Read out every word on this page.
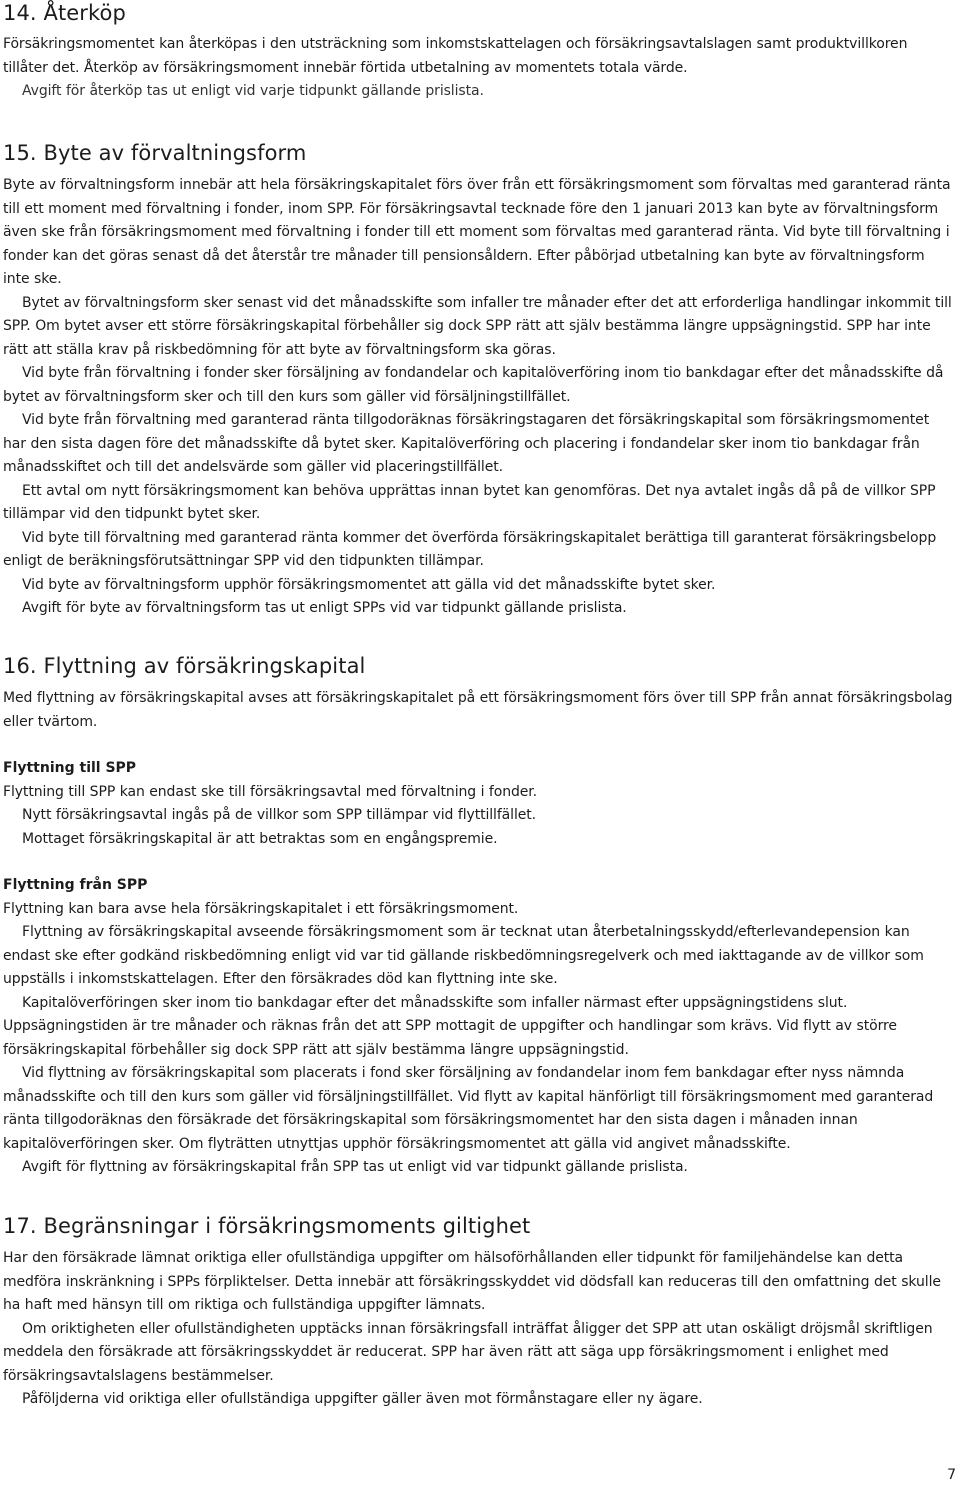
14. Återköp

Försäkringsmomentet kan återköpas i den utsträckning som inkomstskattelagen och försäkringsavtalslagen samt produktvillkoren tillåter det. Återköp av försäkringsmoment innebär förtida utbetalning av momentets totala värde.

Avgift för återköp tas ut enligt vid varje tidpunkt gällande prislista.

15. Byte av förvaltningsform

Byte av förvaltningsform innebär att hela försäkringskapitalet förs över från ett försäkringsmoment som förvaltas med garanterad ränta till ett moment med förvaltning i fonder, inom SPP. För försäkringsavtal tecknade före den 1 januari 2013 kan byte av förvaltningsform även ske från försäkringsmoment med förvaltning i fonder till ett moment som förvaltas med garanterad ränta. Vid byte till förvaltning i fonder kan det göras senast då det återstår tre månader till pensionsåldern. Efter påbörjad utbetalning kan byte av förvaltningsform inte ske.

Bytet av förvaltningsform sker senast vid det månadsskifte som infaller tre månader efter det att erforderliga handlingar inkommit till SPP. Om bytet avser ett större försäkringskapital förbehåller sig dock SPP rätt att själv bestämma längre uppsägningstid. SPP har inte rätt att ställa krav på riskbedömning för att byte av förvaltningsform ska göras.

Vid byte från förvaltning i fonder sker försäljning av fondandelar och kapitalöverföring inom tio bankdagar efter det månadsskifte då bytet av förvaltningsform sker och till den kurs som gäller vid försäljningstillfället.

Vid byte från förvaltning med garanterad ränta tillgodoräknas försäkringstagaren det försäkringskapital som försäkringsmomentet har den sista dagen före det månadsskifte då bytet sker. Kapitalöverföring och placering i fondandelar sker inom tio bankdagar från månadsskiftet och till det andelsvärde som gäller vid placeringstillfället.

Ett avtal om nytt försäkringsmoment kan behöva upprättas innan bytet kan genomföras. Det nya avtalet ingås då på de villkor SPP tillämpar vid den tidpunkt bytet sker.

Vid byte till förvaltning med garanterad ränta kommer det överförda försäkringskapitalet berättiga till garanterat försäkringsbelopp enligt de beräkningsförutsättningar SPP vid den tidpunkten tillämpar.

Vid byte av förvaltningsform upphör försäkringsmomentet att gälla vid det månadsskifte bytet sker.

Avgift för byte av förvaltningsform tas ut enligt SPPs vid var tidpunkt gällande prislista.

16. Flyttning av försäkringskapital

Med flyttning av försäkringskapital avses att försäkringskapitalet på ett försäkringsmoment förs över till SPP från annat försäkringsbolag eller tvärtom.

Flyttning till SPP

Flyttning till SPP kan endast ske till försäkringsavtal med förvaltning i fonder.

Nytt försäkringsavtal ingås på de villkor som SPP tillämpar vid flyttillfället.

Mottaget försäkringskapital är att betraktas som en engångspremie.

Flyttning från SPP

Flyttning kan bara avse hela försäkringskapitalet i ett försäkringsmoment.

Flyttning av försäkringskapital avseende försäkringsmoment som är tecknat utan återbetalningsskydd/efterlevandepension kan endast ske efter godkänd riskbedömning enligt vid var tid gällande riskbedömningsregelverk och med iakttagande av de villkor som uppställs i inkomstskattelagen. Efter den försäkrades död kan flyttning inte ske.

Kapitalöverföringen sker inom tio bankdagar efter det månadsskifte som infaller närmast efter uppsägningstidens slut. Uppsägningstiden är tre månader och räknas från det att SPP mottagit de uppgifter och handlingar som krävs. Vid flytt av större försäkringskapital förbehåller sig dock SPP rätt att själv bestämma längre uppsägningstid.

Vid flyttning av försäkringskapital som placerats i fond sker försäljning av fondandelar inom fem bankdagar efter nyss nämnda månadsskifte och till den kurs som gäller vid försäljningstillfället. Vid flytt av kapital hänförligt till försäkringsmoment med garanterad ränta tillgodoräknas den försäkrade det försäkringskapital som försäkringsmomentet har den sista dagen i månaden innan kapitalöverföringen sker. Om flyträtten utnyttjas upphör försäkringsmomentet att gälla vid angivet månadsskifte.

Avgift för flyttning av försäkringskapital från SPP tas ut enligt vid var tidpunkt gällande prislista.

17. Begränsningar i försäkringsmoments giltighet

Har den försäkrade lämnat oriktiga eller ofullständiga uppgifter om hälsoförhållanden eller tidpunkt för familjehändelse kan detta medföra inskränkning i SPPs förpliktelser. Detta innebär att försäkringsskyddet vid dödsfall kan reduceras till den omfattning det skulle ha haft med hänsyn till om riktiga och fullständiga uppgifter lämnats.

Om oriktigheten eller ofullständigheten upptäcks innan försäkringsfall inträffat åligger det SPP att utan oskäligt dröjsmål skriftligen meddela den försäkrade att försäkringsskyddet är reducerat. SPP har även rätt att säga upp försäkringsmoment i enlighet med försäkringsavtalslagens bestämmelser.

Påföljderna vid oriktiga eller ofullständiga uppgifter gäller även mot förmånstagare eller ny ägare.

7
